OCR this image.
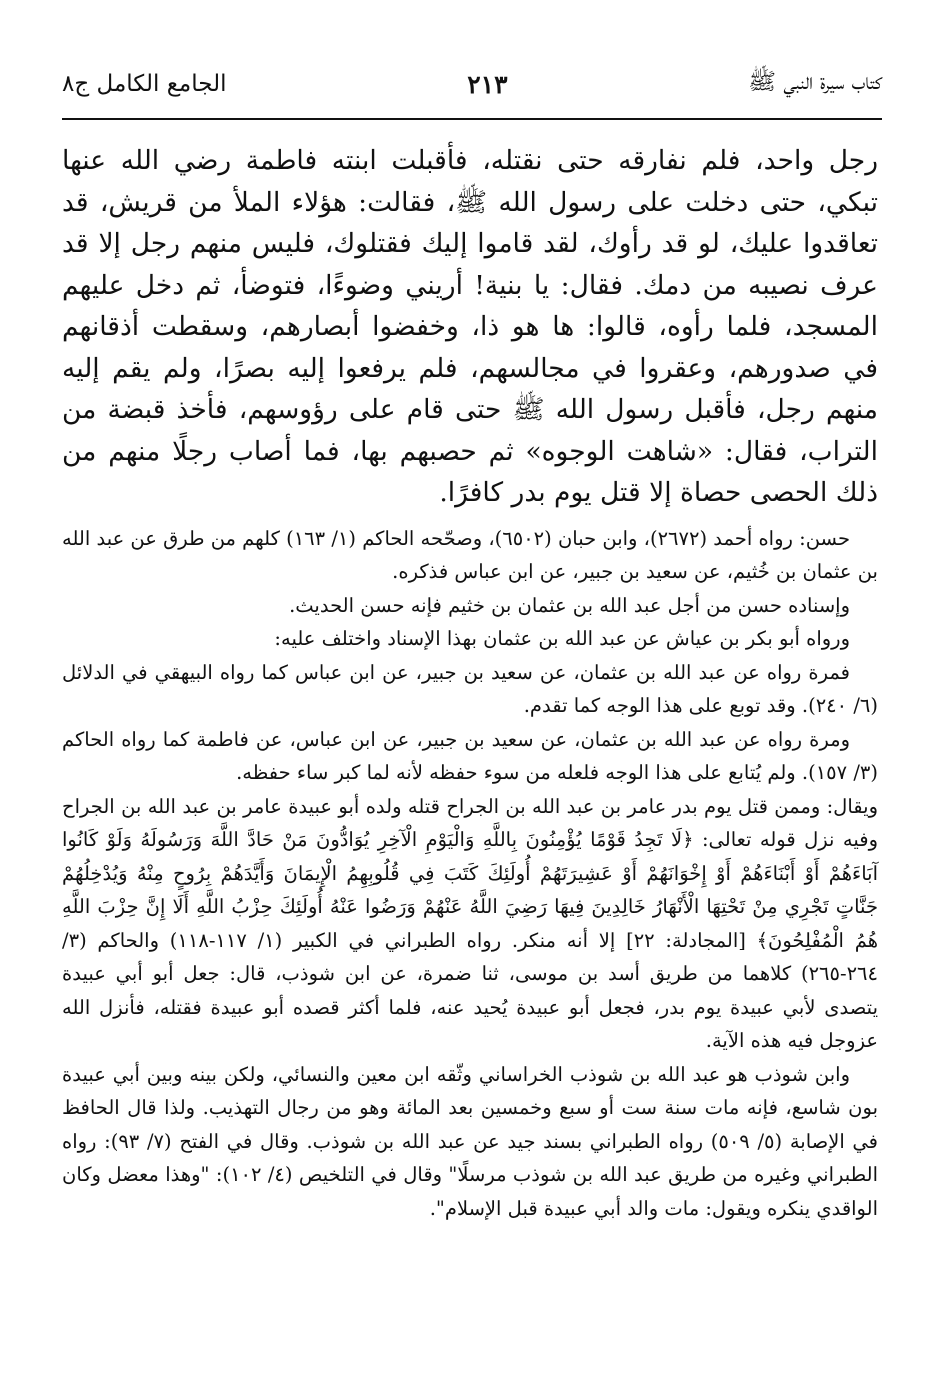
كتاب سيرة النبي ﷺ
٢١٣
الجامع الكامل ج٨

رجل واحد، فلم نفارقه حتى نقتله، فأقبلت ابنته فاطمة رضي الله عنها تبكي، حتى دخلت على رسول الله ﷺ، فقالت: هؤلاء الملأ من قريش، قد تعاقدوا عليك، لو قد رأوك، لقد قاموا إليك فقتلوك، فليس منهم رجل إلا قد عرف نصيبه من دمك. فقال: يا بنية! أريني وضوءًا، فتوضأ، ثم دخل عليهم المسجد، فلما رأوه، قالوا: ها هو ذا، وخفضوا أبصارهم، وسقطت أذقانهم في صدورهم، وعقروا في مجالسهم، فلم يرفعوا إليه بصرًا، ولم يقم إليه منهم رجل، فأقبل رسول الله ﷺ حتى قام على رؤوسهم، فأخذ قبضة من التراب، فقال: «شاهت الوجوه» ثم حصبهم بها، فما أصاب رجلًا منهم من ذلك الحصى حصاة إلا قتل يوم بدر كافرًا.

حسن: رواه أحمد (٢٦٧٢)، وابن حبان (٦٥٠٢)، وصحّحه الحاكم (١/ ١٦٣) كلهم من طرق عن عبد الله بن عثمان بن خُثيم، عن سعيد بن جبير، عن ابن عباس فذكره.

وإسناده حسن من أجل عبد الله بن عثمان بن خثيم فإنه حسن الحديث.

ورواه أبو بكر بن عياش عن عبد الله بن عثمان بهذا الإسناد واختلف عليه:

فمرة رواه عن عبد الله بن عثمان، عن سعيد بن جبير، عن ابن عباس كما رواه البيهقي في الدلائل (٦/ ٢٤٠). وقد توبع على هذا الوجه كما تقدم.

ومرة رواه عن عبد الله بن عثمان، عن سعيد بن جبير، عن ابن عباس، عن فاطمة كما رواه الحاكم (٣/ ١٥٧). ولم يُتابع على هذا الوجه فلعله من سوء حفظه لأنه لما كبر ساء حفظه.

ويقال: وممن قتل يوم بدر عامر بن عبد الله بن الجراح قتله ولده أبو عبيدة عامر بن عبد الله بن الجراح وفيه نزل قوله تعالى: ﴿لَا تَجِدُ قَوْمًا يُؤْمِنُونَ بِاللَّهِ وَالْيَوْمِ الْآخِرِ يُوَادُّونَ مَنْ حَادَّ اللَّهَ وَرَسُولَهُ وَلَوْ كَانُوا آبَاءَهُمْ أَوْ أَبْنَاءَهُمْ أَوْ إِخْوَانَهُمْ أَوْ عَشِيرَتَهُمْ أُولَئِكَ كَتَبَ فِي قُلُوبِهِمُ الْإِيمَانَ وَأَيَّدَهُمْ بِرُوحٍ مِنْهُ وَيُدْخِلُهُمْ جَنَّاتٍ تَجْرِي مِنْ تَحْتِهَا الْأَنْهَارُ خَالِدِينَ فِيهَا رَضِيَ اللَّهُ عَنْهُمْ وَرَضُوا عَنْهُ أُولَئِكَ حِزْبُ اللَّهِ أَلَا إِنَّ حِزْبَ اللَّهِ هُمُ الْمُفْلِحُونَ﴾ [المجادلة: ٢٢] إلا أنه منكر. رواه الطبراني في الكبير (١/ ١١٧-١١٨) والحاكم (٣/ ٢٦٤-٢٦٥) كلاهما من طريق أسد بن موسى، ثنا ضمرة، عن ابن شوذب، قال: جعل أبو أبي عبيدة يتصدى لأبي عبيدة يوم بدر، فجعل أبو عبيدة يُحيد عنه، فلما أكثر قصده أبو عبيدة فقتله، فأنزل الله عزوجل فيه هذه الآية.

وابن شوذب هو عبد الله بن شوذب الخراساني وثّقه ابن معين والنسائي، ولكن بينه وبين أبي عبيدة بون شاسع، فإنه مات سنة ست أو سبع وخمسين بعد المائة وهو من رجال التهذيب. ولذا قال الحافظ في الإصابة (٥/ ٥٠٩) رواه الطبراني بسند جيد عن عبد الله بن شوذب. وقال في الفتح (٧/ ٩٣): رواه الطبراني وغيره من طريق عبد الله بن شوذب مرسلًا" وقال في التلخيص (٤/ ١٠٢): "وهذا معضل وكان الواقدي ينكره ويقول: مات والد أبي عبيدة قبل الإسلام".
